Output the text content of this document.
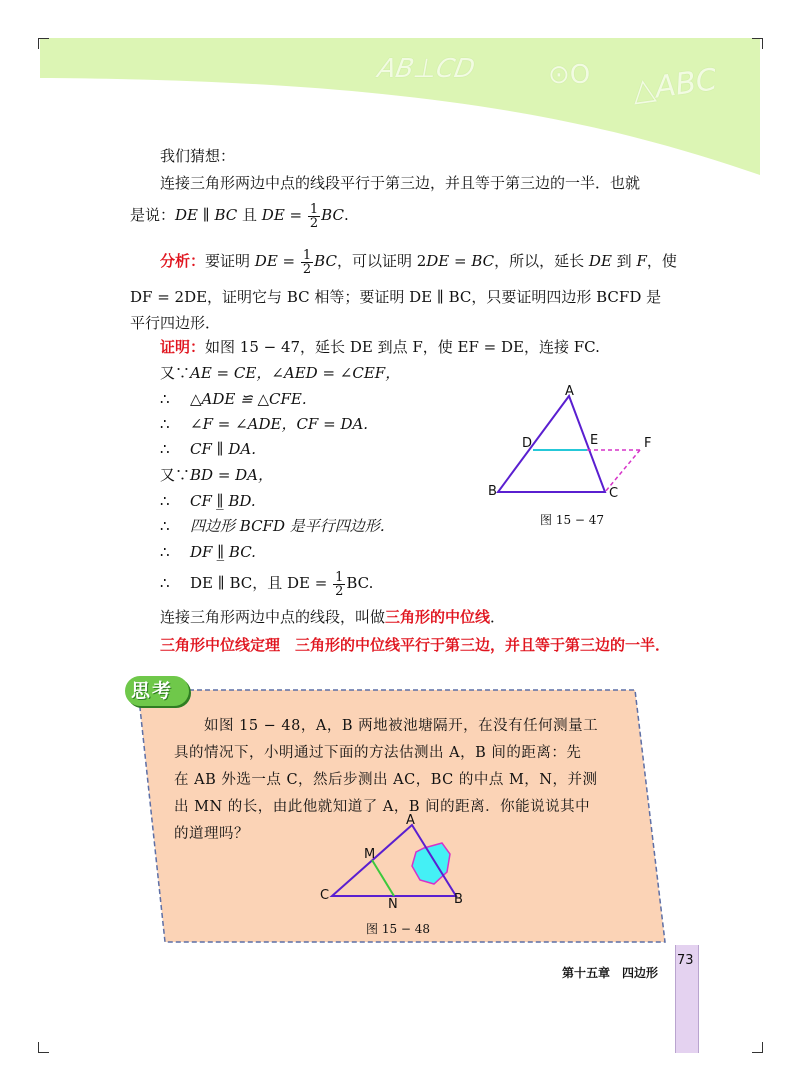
AB⊥CD	⊙O △ABC
我们猜想：
连接三角形两边中点的线段平行于第三边，并且等于第三边的一半．也就
是说：DE ∥ BC 且 DE = $\frac{1}{2}$ BC.
分析：要证明 DE = $\frac{1}{2}$ BC，可以证明 2DE = BC，所以，延长 DE 到 F，使
DF = 2DE，证明它与 BC 相等；要证明 DE ∥ BC，只要证明四边形 BCFD 是
平行四边形．
证明：如图 15 − 47，延长 DE 到点 F，使 EF = DE，连接 FC.
又∵AE = CE，∠AED = ∠CEF，
∴ △ADE ≌ △CFE.
∴ ∠F = ∠ADE，CF = DA.
∴ CF ∥ DA.
又∵BD = DA，
∴ CF ∥̲ BD.
∴ 四边形 BCFD 是平行四边形．
∴ DF ∥̲ BC.
∴ DE ∥ BC，且 DE = $\frac{1}{2}$ BC.
连接三角形两边中点的线段，叫做三角形的中位线．
三角形中位线定理　三角形的中位线平行于第三边，并且等于第三边的一半．
A
D	E	F
B	C
图 15 − 47
思考
如图 15 − 48，A，B 两地被池塘隔开，在没有任何测量工
具的情况下，小明通过下面的方法估测出 A，B 间的距离：先
在 AB 外选一点 C，然后步测出 AC，BC 的中点 M，N，并测
出 MN 的长，由此他就知道了 A，B 间的距离．你能说说其中
的道理吗？
A
M
C
N	B
图 15 − 48
73
第十五章　四边形
